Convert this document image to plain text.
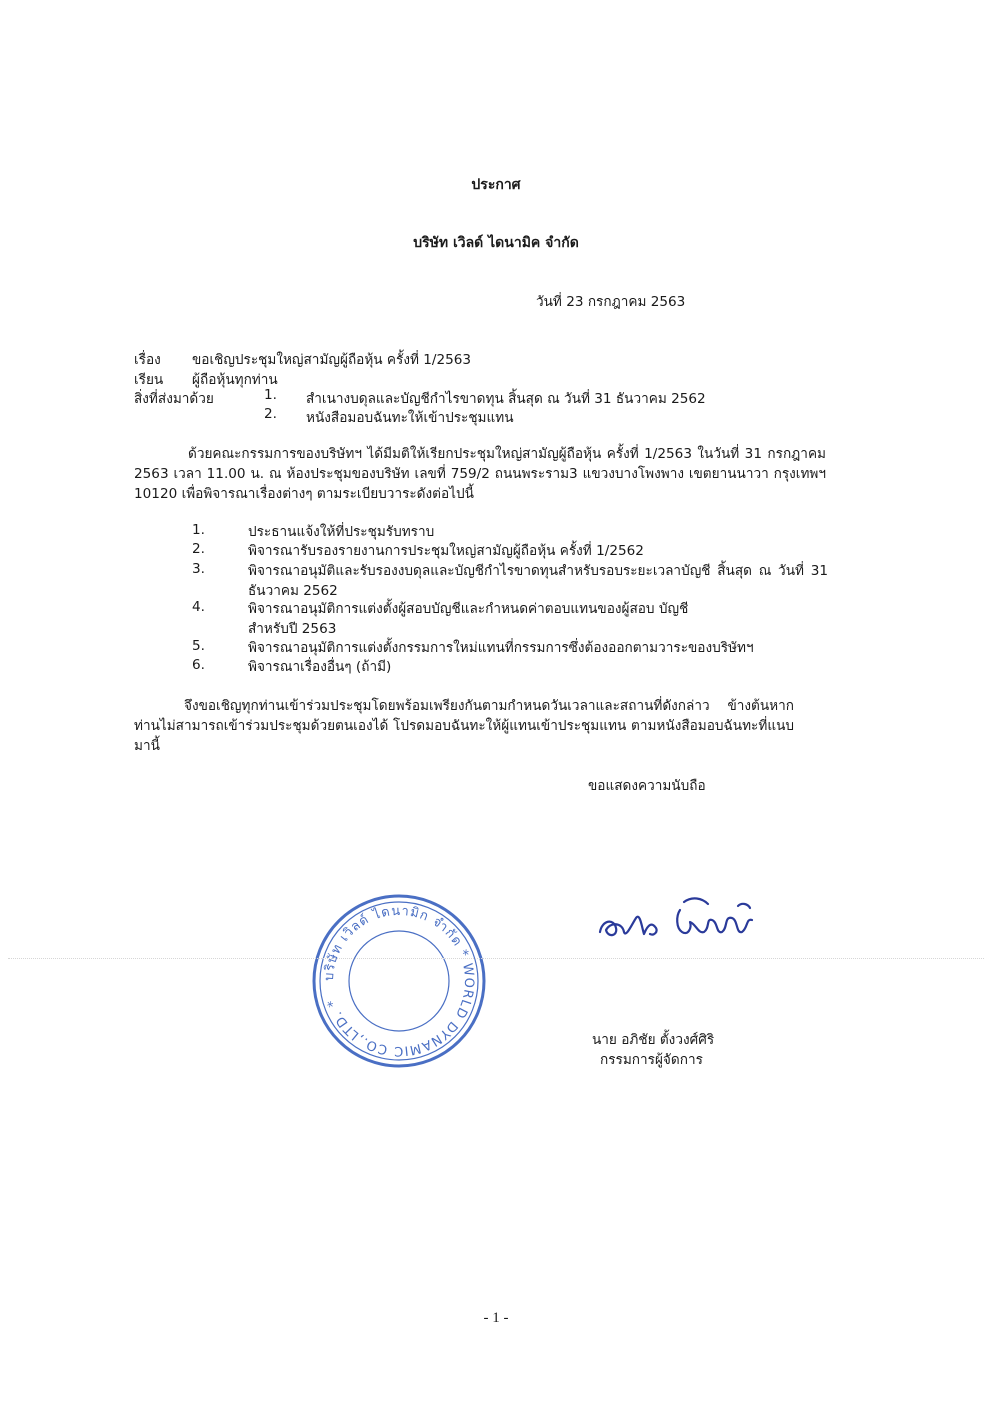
ประกาศ
บริษัท เวิลด์ ไดนามิค จำกัด
วันที่ 23 กรกฎาคม 2563
เรื่อง ขอเชิญประชุมใหญ่สามัญผู้ถือหุ้น ครั้งที่ 1/2563
เรียน ผู้ถือหุ้นทุกท่าน
สิ่งที่ส่งมาด้วย	1. สำเนางบดุลและบัญชีกำไรขาดทุน สิ้นสุด ณ วันที่ 31 ธันวาคม 2562
2. หนังสือมอบฉันทะให้เข้าประชุมแทน
ด้วยคณะกรรมการของบริษัทฯ ได้มีมติให้เรียกประชุมใหญ่สามัญผู้ถือหุ้น ครั้งที่ 1/2563 ในวันที่ 31 กรกฎาคม 2563 เวลา 11.00 น. ณ ห้องประชุมของบริษัท เลขที่ 759/2 ถนนพระราม3 แขวงบางโพงพาง เขตยานนาวา กรุงเทพฯ 10120 เพื่อพิจารณาเรื่องต่างๆ ตามระเบียบวาระดังต่อไปนี้
1.	ประธานแจ้งให้ที่ประชุมรับทราบ
2.	พิจารณารับรองรายงานการประชุมใหญ่สามัญผู้ถือหุ้น ครั้งที่ 1/2562
3.	พิจารณาอนุมัติและรับรองงบดุลและบัญชีกำไรขาดทุนสำหรับรอบระยะเวลาบัญชี สิ้นสุด ณ วันที่ 31 ธันวาคม 2562
4.	พิจารณาอนุมัติการแต่งตั้งผู้สอบบัญชีและกำหนดค่าตอบแทนของผู้สอบ บัญชีสำหรับปี 2563
5.	พิจารณาอนุมัติการแต่งตั้งกรรมการใหม่แทนที่กรรมการซึ่งต้องออกตามวาระของบริษัทฯ
6.	พิจารณาเรื่องอื่นๆ (ถ้ามี)
จึงขอเชิญทุกท่านเข้าร่วมประชุมโดยพร้อมเพรียงกันตามกำหนดวันเวลาและสถานที่ดังกล่าว ข้างต้นหากท่านไม่สามารถเข้าร่วมประชุมด้วยตนเองได้ โปรดมอบฉันทะให้ผู้แทนเข้าประชุมแทน ตามหนังสือมอบฉันทะที่แนบมานี้
ขอแสดงความนับถือ
บริษัท เวิลด์ ไดนามิก จำกัด * WORLD DYNAMIC CO.,LTD. *
นาย อภิชัย ตั้งวงศ์ศิริ
กรรมการผู้จัดการ
- 1 -
